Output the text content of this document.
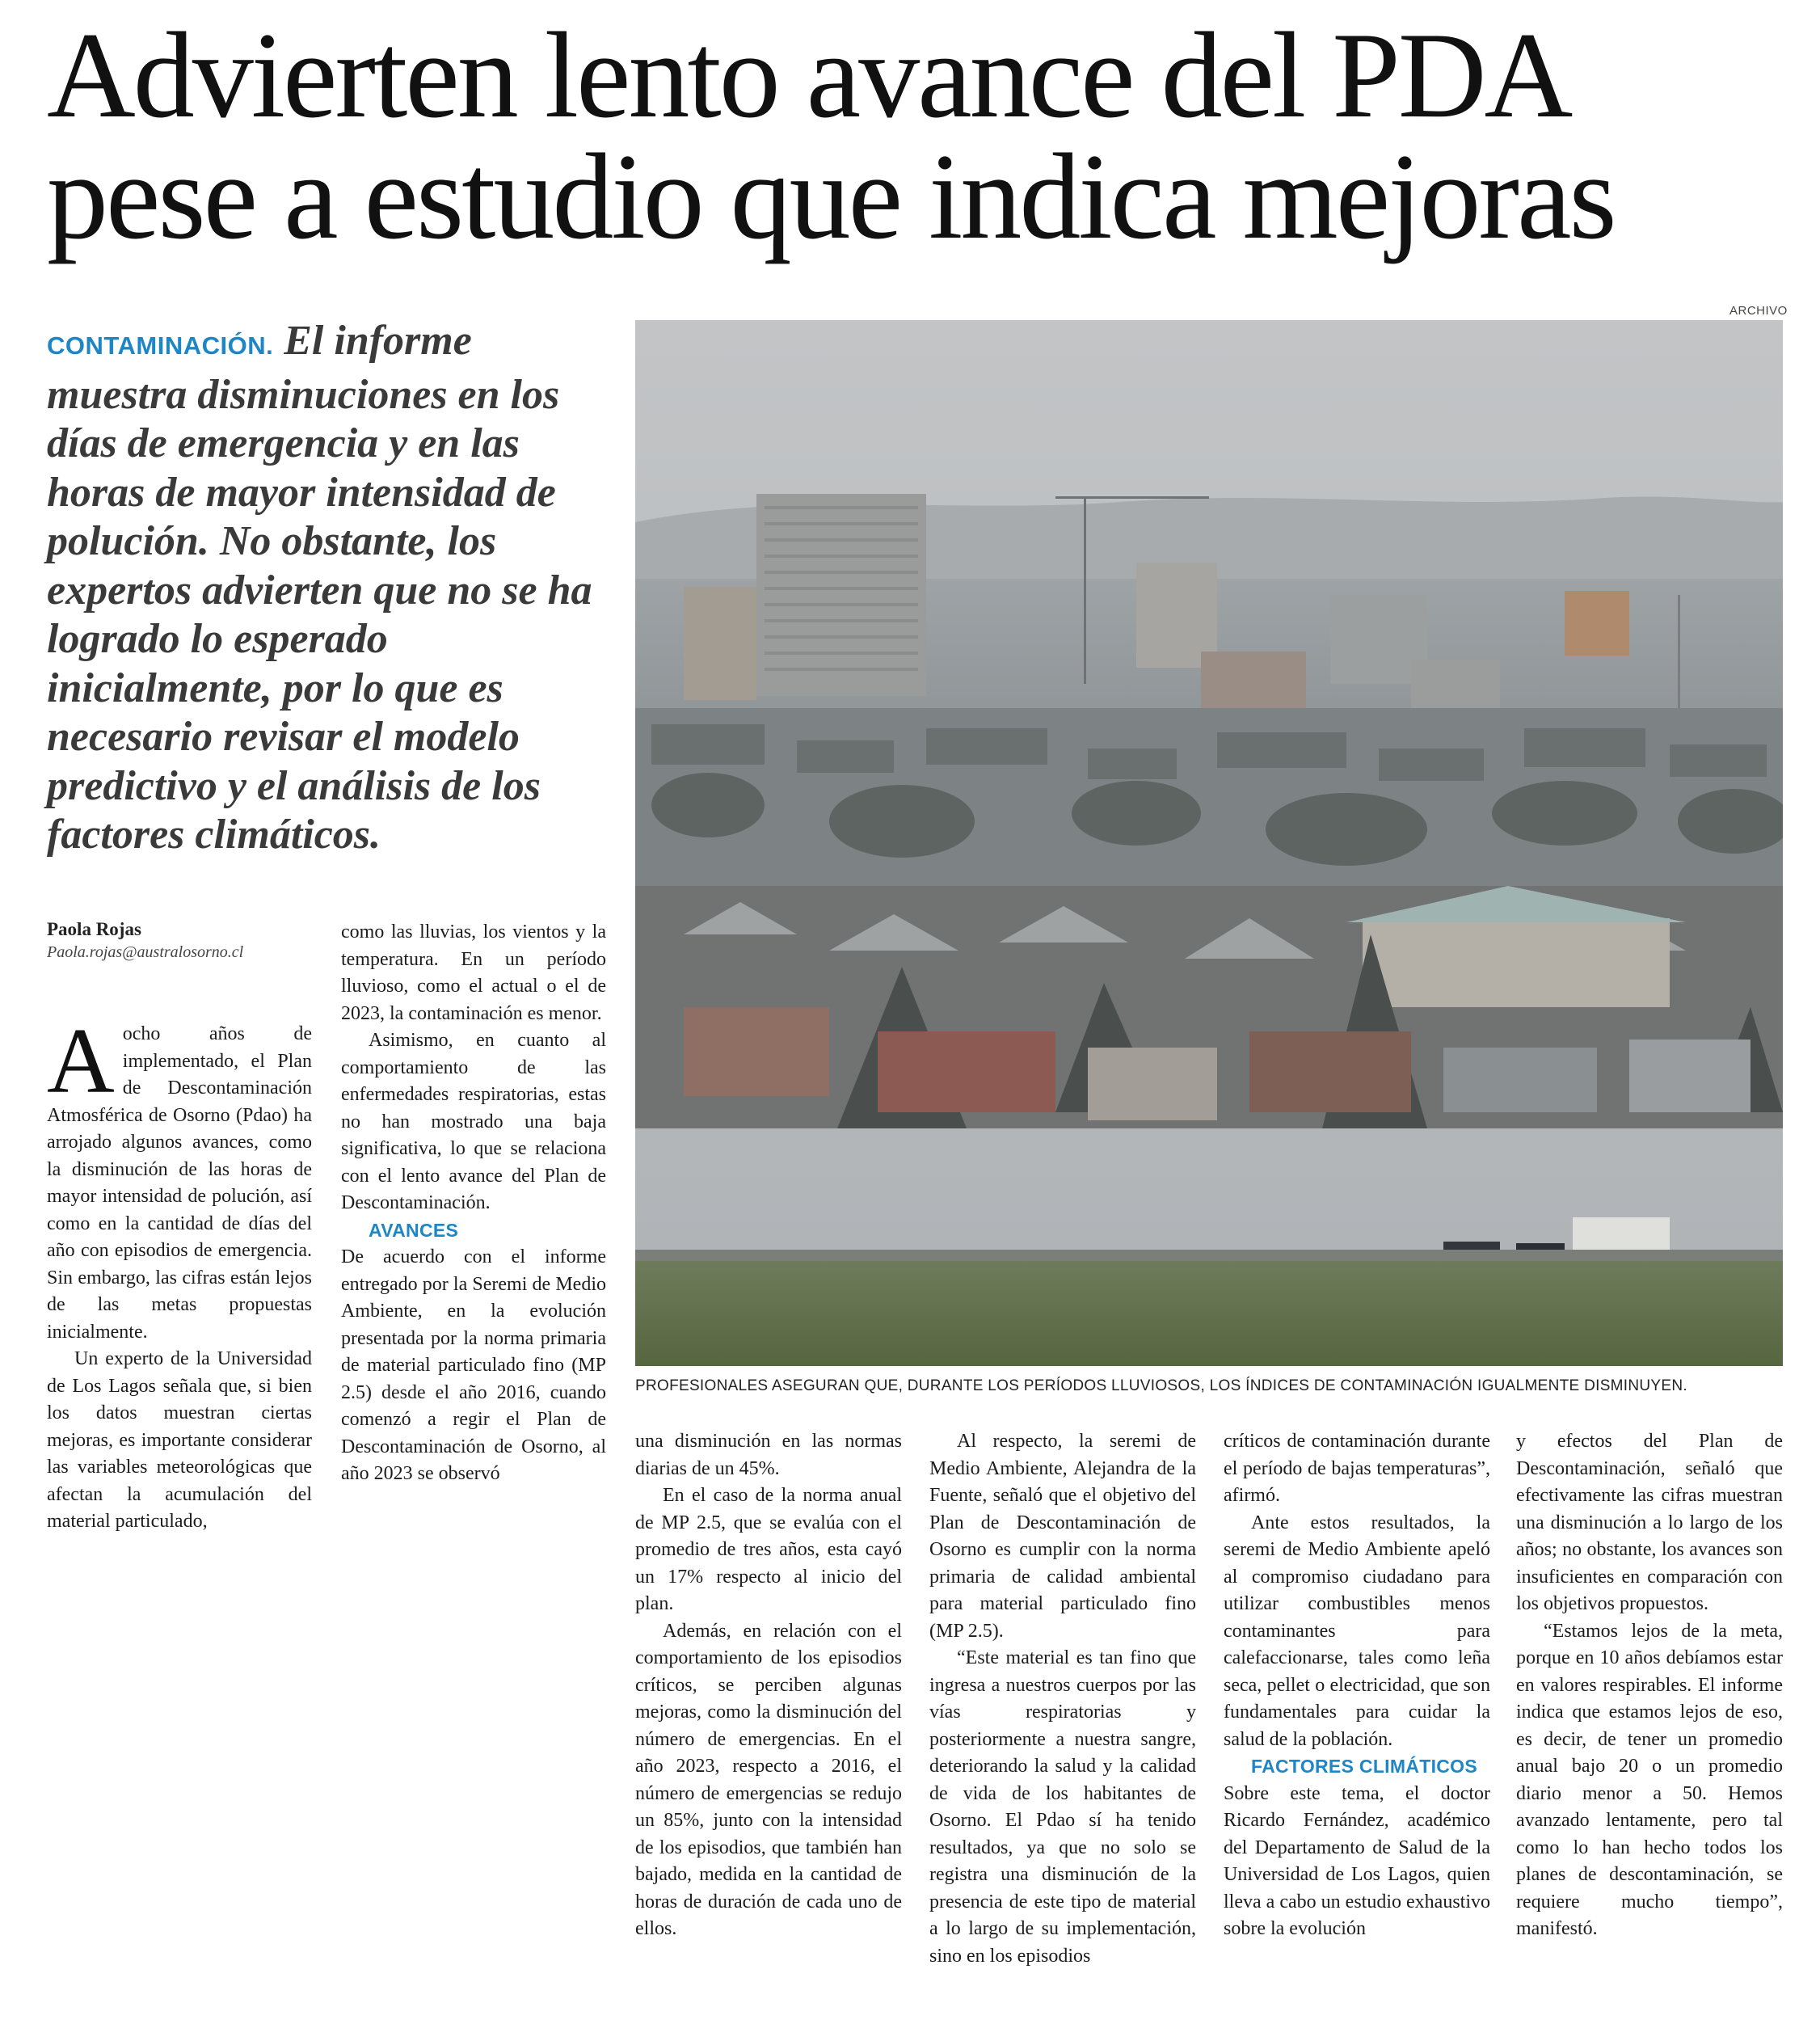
Advierten lento avance del PDA
pese a estudio que indica mejoras

CONTAMINACIÓN. El informe muestra disminuciones en los días de emergencia y en las horas de mayor intensidad de polución. No obstante, los expertos advierten que no se ha logrado lo esperado inicialmente, por lo que es necesario revisar el modelo predictivo y el análisis de los factores climáticos.

ARCHIVO
PROFESIONALES ASEGURAN QUE, DURANTE LOS PERÍODOS LLUVIOSOS, LOS ÍNDICES DE CONTAMINACIÓN IGUALMENTE DISMINUYEN.
Paola Rojas
Paola.rojas@australosorno.cl

Aocho años de implementado, el Plan de Descontaminación Atmosférica de Osorno (Pdao) ha arrojado algunos avances, como la disminución de las horas de mayor intensidad de polución, así como en la cantidad de días del año con episodios de emergencia. Sin embargo, las cifras están lejos de las metas propuestas inicialmente.

Un experto de la Universidad de Los Lagos señala que, si bien los datos muestran ciertas mejoras, es importante considerar las variables meteorológicas que afectan la acumulación del material particulado,

como las lluvias, los vientos y la temperatura. En un período lluvioso, como el actual o el de 2023, la contaminación es menor.

Asimismo, en cuanto al comportamiento de las enfermedades respiratorias, estas no han mostrado una baja significativa, lo que se relaciona con el lento avance del Plan de Descontaminación.

AVANCES

De acuerdo con el informe entregado por la Seremi de Medio Ambiente, en la evolución presentada por la norma primaria de material particulado fino (MP 2.5) desde el año 2016, cuando comenzó a regir el Plan de Descontaminación de Osorno, al año 2023 se observó

una disminución en las normas diarias de un 45%.

En el caso de la norma anual de MP 2.5, que se evalúa con el promedio de tres años, esta cayó un 17% respecto al inicio del plan.

Además, en relación con el comportamiento de los episodios críticos, se perciben algunas mejoras, como la disminución del número de emergencias. En el año 2023, respecto a 2016, el número de emergencias se redujo un 85%, junto con la intensidad de los episodios, que también han bajado, medida en la cantidad de horas de duración de cada uno de ellos.

Al respecto, la seremi de Medio Ambiente, Alejandra de la Fuente, señaló que el objetivo del Plan de Descontaminación de Osorno es cumplir con la norma primaria de calidad ambiental para material particulado fino (MP 2.5).

“Este material es tan fino que ingresa a nuestros cuerpos por las vías respiratorias y posteriormente a nuestra sangre, deteriorando la salud y la calidad de vida de los habitantes de Osorno. El Pdao sí ha tenido resultados, ya que no solo se registra una disminución de la presencia de este tipo de material a lo largo de su implementación, sino en los episodios

críticos de contaminación durante el período de bajas temperaturas”, afirmó.

Ante estos resultados, la seremi de Medio Ambiente apeló al compromiso ciudadano para utilizar combustibles menos contaminantes para calefaccionarse, tales como leña seca, pellet o electricidad, que son fundamentales para cuidar la salud de la población.

FACTORES CLIMÁTICOS

Sobre este tema, el doctor Ricardo Fernández, académico del Departamento de Salud de la Universidad de Los Lagos, quien lleva a cabo un estudio exhaustivo sobre la evolución

y efectos del Plan de Descontaminación, señaló que efectivamente las cifras muestran una disminución a lo largo de los años; no obstante, los avances son insuficientes en comparación con los objetivos propuestos.

“Estamos lejos de la meta, porque en 10 años debíamos estar en valores respirables. El informe indica que estamos lejos de eso, es decir, de tener un promedio anual bajo 20 o un promedio diario menor a 50. Hemos avanzado lentamente, pero tal como lo han hecho todos los planes de descontaminación, se requiere mucho tiempo”, manifestó.
